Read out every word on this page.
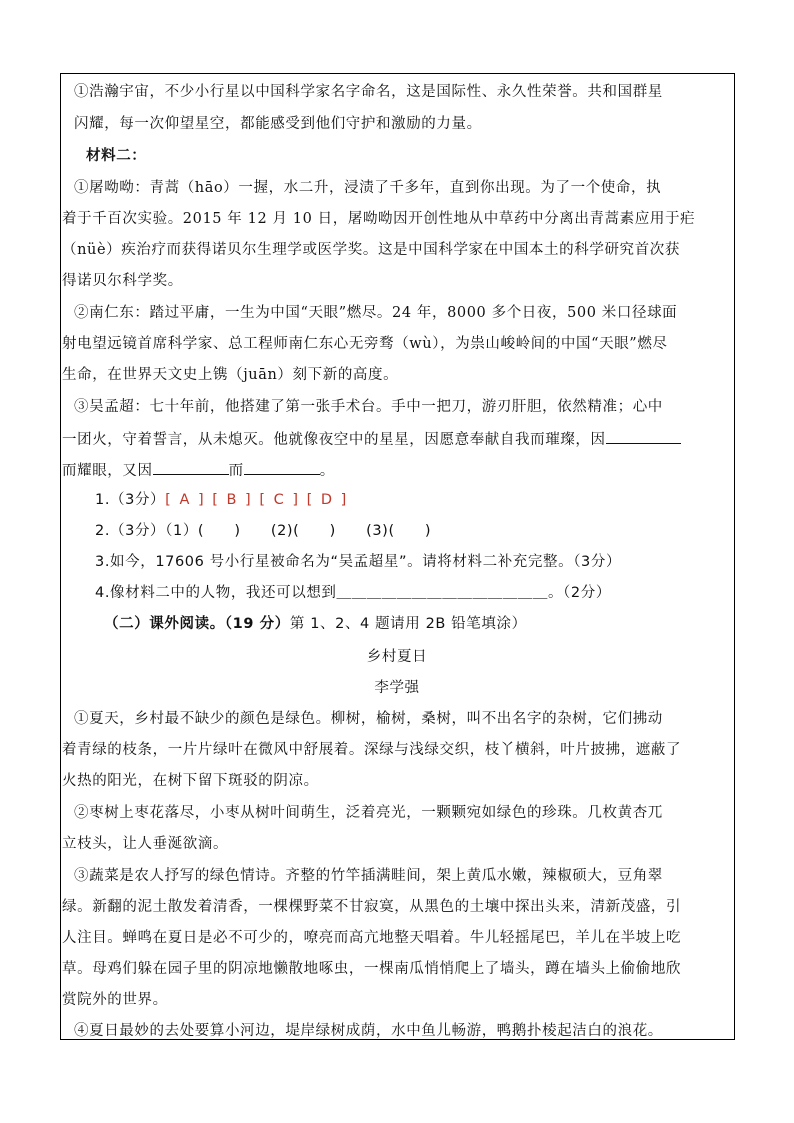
①浩瀚宇宙，不少小行星以中国科学家名字命名，这是国际性、永久性荣誉。共和国群星
闪耀，每一次仰望星空，都能感受到他们守护和激励的力量。
材料二：
①屠呦呦：青蒿（hāo）一握，水二升，浸渍了千多年，直到你出现。为了一个使命，执
着于千百次实验。2015 年 12 月 10 日，屠呦呦因开创性地从中草药中分离出青蒿素应用于疟
（nüè）疾治疗而获得诺贝尔生理学或医学奖。这是中国科学家在中国本土的科学研究首次获
得诺贝尔科学奖。
②南仁东：踏过平庸，一生为中国“天眼”燃尽。24 年，8000 多个日夜，500 米口径球面
射电望远镜首席科学家、总工程师南仁东心无旁骛（wù），为祟山峻岭间的中国“天眼”燃尽
生命，在世界天文史上镌（juān）刻下新的高度。
③吴孟超：七十年前，他搭建了第一张手术台。手中一把刀，游刃肝胆，依然精准；心中
一团火，守着誓言，从未熄灭。他就像夜空中的星星，因愿意奉献自我而璀璨，因
而耀眼，又因	而	。
1.（3分）[ A ] [ B ] [ C ] [ D ]
2.（3分）（1）(　　)　　(2)(　　)　　(3)(　　)
3.如今，17606 号小行星被命名为“吴孟超星”。请将材料二补充完整。（3分）
4.像材料二中的人物，我还可以想到＿＿＿＿＿＿＿＿＿＿＿＿＿＿。（2分）
（二）课外阅读。（19 分）第 1、2、4 题请用 2B 铅笔填涂）
乡村夏日
李学强
①夏天，乡村最不缺少的颜色是绿色。柳树，榆树，桑树，叫不出名字的杂树，它们拂动
着青绿的枝条，一片片绿叶在微风中舒展着。深绿与浅绿交织，枝丫横斜，叶片披拂，遮蔽了
火热的阳光，在树下留下斑驳的阴凉。
②枣树上枣花落尽，小枣从树叶间萌生，泛着亮光，一颗颗宛如绿色的珍珠。几枚黄杏兀
立枝头，让人垂涎欲滴。
③蔬菜是农人抒写的绿色情诗。齐整的竹竿插满畦间，架上黄瓜水嫩，辣椒硕大，豆角翠
绿。新翻的泥土散发着清香，一棵棵野菜不甘寂寞，从黑色的土壤中探出头来，清新茂盛，引
人注目。蝉鸣在夏日是必不可少的，嘹亮而高亢地整天唱着。牛儿轻摇尾巴，羊儿在半坡上吃
草。母鸡们躲在园子里的阴凉地懒散地啄虫，一棵南瓜悄悄爬上了墙头，蹲在墙头上偷偷地欣
赏院外的世界。
④夏日最妙的去处要算小河边，堤岸绿树成荫，水中鱼儿畅游，鸭鹅扑棱起洁白的浪花。
